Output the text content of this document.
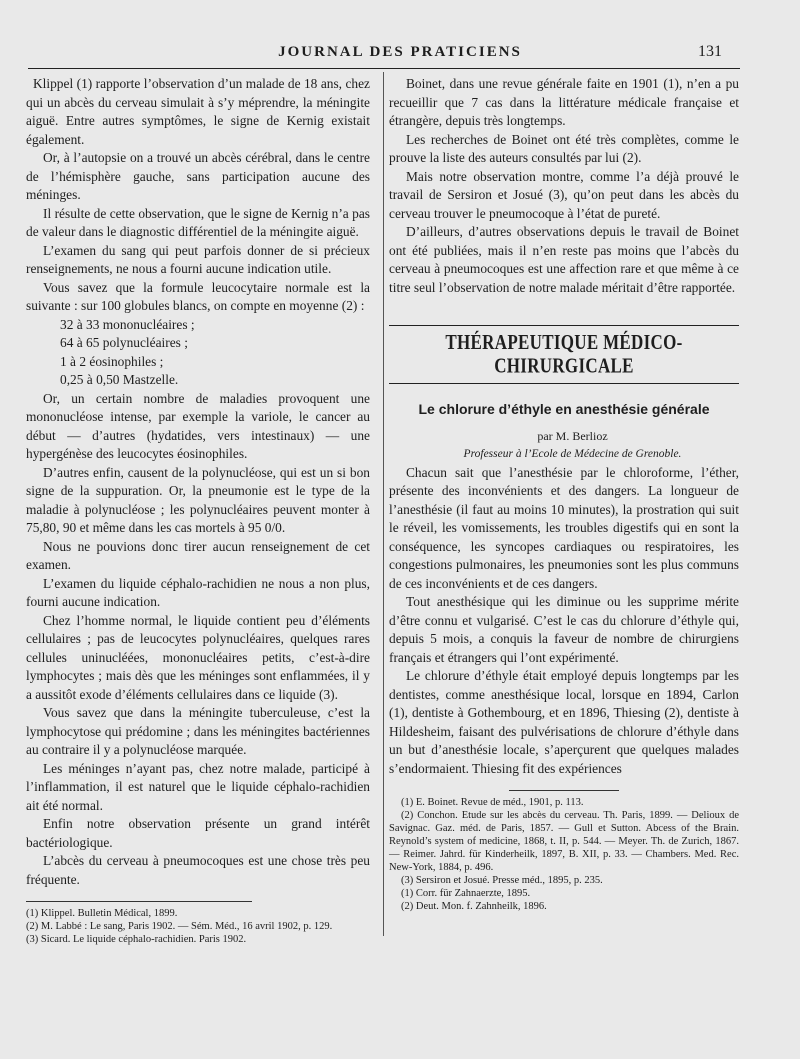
JOURNAL DES PRATICIENS	131

Klippel (1) rapporte l’observation d’un malade de 18 ans, chez qui un abcès du cerveau simulait à s’y méprendre, la méningite aiguë. Entre autres symptômes, le signe de Kernig existait également.

Or, à l’autopsie on a trouvé un abcès cérébral, dans le centre de l’hémisphère gauche, sans participation aucune des méninges.

Il résulte de cette observation, que le signe de Kernig n’a pas de valeur dans le diagnostic différentiel de la méningite aiguë.

L’examen du sang qui peut parfois donner de si précieux renseignements, ne nous a fourni aucune indication utile.

Vous savez que la formule leucocytaire normale est la suivante : sur 100 globules blancs, on compte en moyenne (2) :

32 à 33 mononucléaires ;
64 à 65 polynucléaires ;
1 à 2 éosinophiles ;
0,25 à 0,50 Mastzelle.

Or, un certain nombre de maladies provoquent une mononucléose intense, par exemple la variole, le cancer au début — d’autres (hydatides, vers intestinaux) — une hypergénèse des leucocytes éosinophiles.

D’autres enfin, causent de la polynucléose, qui est un si bon signe de la suppuration. Or, la pneumonie est le type de la maladie à polynucléose ; les polynucléaires peuvent monter à 75,80, 90 et même dans les cas mortels à 95 0/0.

Nous ne pouvions donc tirer aucun renseignement de cet examen.

L’examen du liquide céphalo-rachidien ne nous a non plus, fourni aucune indication.

Chez l’homme normal, le liquide contient peu d’éléments cellulaires ; pas de leucocytes polynucléaires, quelques rares cellules uninucléées, mononucléaires petits, c’est-à-dire lymphocytes ; mais dès que les méninges sont enflammées, il y a aussitôt exode d’éléments cellulaires dans ce liquide (3).

Vous savez que dans la méningite tuberculeuse, c’est la lymphocytose qui prédomine ; dans les méningites bactériennes au contraire il y a polynucléose marquée.

Les méninges n’ayant pas, chez notre malade, participé à l’inflammation, il est naturel que le liquide céphalo-rachidien ait été normal.

Enfin notre observation présente un grand intérêt bactériologique.

L’abcès du cerveau à pneumocoques est une chose très peu fréquente.

(1) Klippel. Bulletin Médical, 1899.

(2) M. Labbé : Le sang, Paris 1902. — Sém. Méd., 16 avril 1902, p. 129.

(3) Sicard. Le liquide céphalo-rachidien. Paris 1902.

Boinet, dans une revue générale faite en 1901 (1), n’en a pu recueillir que 7 cas dans la littérature médicale française et étrangère, depuis très longtemps.

Les recherches de Boinet ont été très complètes, comme le prouve la liste des auteurs consultés par lui (2).

Mais notre observation montre, comme l’a déjà prouvé le travail de Sersiron et Josué (3), qu’on peut dans les abcès du cerveau trouver le pneumocoque à l’état de pureté.

D’ailleurs, d’autres observations depuis le travail de Boinet ont été publiées, mais il n’en reste pas moins que l’abcès du cerveau à pneumocoques est une affection rare et que même à ce titre seul l’observation de notre malade méritait d’être rapportée.

THÉRAPEUTIQUE MÉDICO-CHIRURGICALE
Le chlorure d’éthyle en anesthésie générale

par M. Berlioz

Professeur à l’Ecole de Médecine de Grenoble.

Chacun sait que l’anesthésie par le chloroforme, l’éther, présente des inconvénients et des dangers. La longueur de l’anesthésie (il faut au moins 10 minutes), la prostration qui suit le réveil, les vomissements, les troubles digestifs qui en sont la conséquence, les syncopes cardiaques ou respiratoires, les congestions pulmonaires, les pneumonies sont les plus communs de ces inconvénients et de ces dangers.

Tout anesthésique qui les diminue ou les supprime mérite d’être connu et vulgarisé. C’est le cas du chlorure d’éthyle qui, depuis 5 mois, a conquis la faveur de nombre de chirurgiens français et étrangers qui l’ont expérimenté.

Le chlorure d’éthyle était employé depuis longtemps par les dentistes, comme anesthésique local, lorsque en 1894, Carlon (1), dentiste à Gothembourg, et en 1896, Thiesing (2), dentiste à Hildesheim, faisant des pulvérisations de chlorure d’éthyle dans un but d’anesthésie locale, s’aperçurent que quelques malades s’endormaient. Thiesing fit des expériences

(1) E. Boinet. Revue de méd., 1901, p. 113.

(2) Conchon. Etude sur les abcès du cerveau. Th. Paris, 1899. — Delioux de Savignac. Gaz. méd. de Paris, 1857. — Gull et Sutton. Abcess of the Brain. Reynold’s system of medicine, 1868, t. II, p. 544. — Meyer. Th. de Zurich, 1867. — Reimer. Jahrd. für Kinderheilk, 1897, B. XII, p. 33. — Chambers. Med. Rec. New-York, 1884, p. 496.

(3) Sersiron et Josué. Presse méd., 1895, p. 235.

(1) Corr. für Zahnaerzte, 1895.

(2) Deut. Mon. f. Zahnheilk, 1896.
